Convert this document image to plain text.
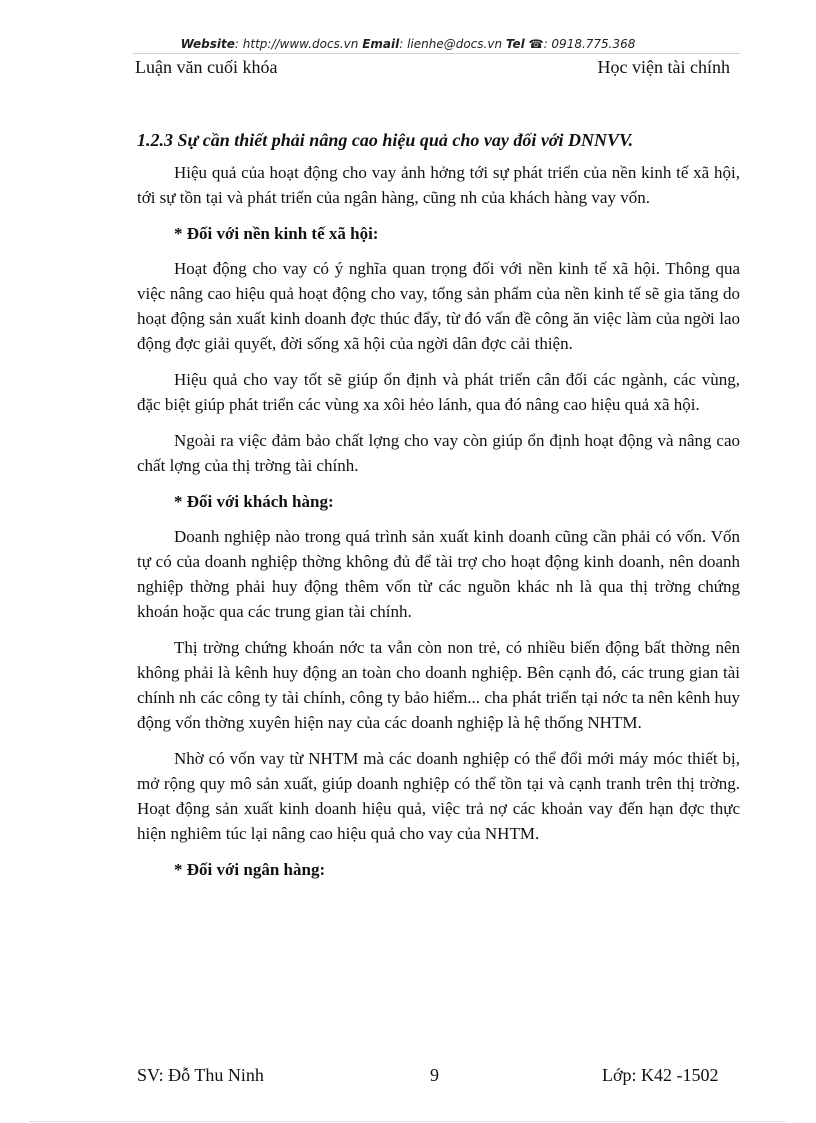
Website: http://www.docs.vn Email: lienhe@docs.vn Tel ☎: 0918.775.368
Luận văn cuối khóa	Học viện tài chính
1.2.3 Sự cần thiết phải nâng cao hiệu quả cho vay đối với DNNVV.

Hiệu quả của hoạt động cho vay ảnh hởng tới sự phát triển của nền kinh tế xã hội, tới sự tồn tại và phát triển của ngân hàng, cũng nh của khách hàng vay vốn.

* Đối với nền kinh tế xã hội:

Hoạt động cho vay có ý nghĩa quan trọng đối với nền kinh tế xã hội. Thông qua việc nâng cao hiệu quả hoạt động cho vay, tổng sản phẩm của nền kinh tế sẽ gia tăng do hoạt động sản xuất kinh doanh đợc thúc đẩy, từ đó vấn đề công ăn việc làm của ngời lao động đợc giải quyết, đời sống xã hội của ngời dân đợc cải thiện.

Hiệu quả cho vay tốt sẽ giúp ổn định và phát triển cân đối các ngành, các vùng, đặc biệt giúp phát triển các vùng xa xôi hẻo lánh, qua đó nâng cao hiệu quả xã hội.

Ngoài ra việc đảm bảo chất lợng cho vay còn giúp ổn định hoạt động và nâng cao chất lợng của thị trờng tài chính.

* Đối với khách hàng:

Doanh nghiệp nào trong quá trình sản xuất kinh doanh cũng cần phải có vốn. Vốn tự có của doanh nghiệp thờng không đủ để tài trợ cho hoạt động kinh doanh, nên doanh nghiệp thờng phải huy động thêm vốn từ các nguồn khác nh là qua thị trờng chứng khoán hoặc qua các trung gian tài chính.

Thị trờng chứng khoán nớc ta vẫn còn non trẻ, có nhiều biến động bất thờng nên không phải là kênh huy động an toàn cho doanh nghiệp. Bên cạnh đó, các trung gian tài chính nh các công ty tài chính, công ty bảo hiểm... cha phát triển tại nớc ta nên kênh huy động vốn thờng xuyên hiện nay của các doanh nghiệp là hệ thống NHTM.

Nhờ có vốn vay từ NHTM mà các doanh nghiệp có thể đổi mới máy móc thiết bị, mở rộng quy mô sản xuất, giúp doanh nghiệp có thể tồn tại và cạnh tranh trên thị trờng. Hoạt động sản xuất kinh doanh hiệu quả, việc trả nợ các khoản vay đến hạn đợc thực hiện nghiêm túc lại nâng cao hiệu quả cho vay của NHTM.

* Đối với ngân hàng:
SV: Đỗ Thu Ninh	9	Lớp: K42 -1502
